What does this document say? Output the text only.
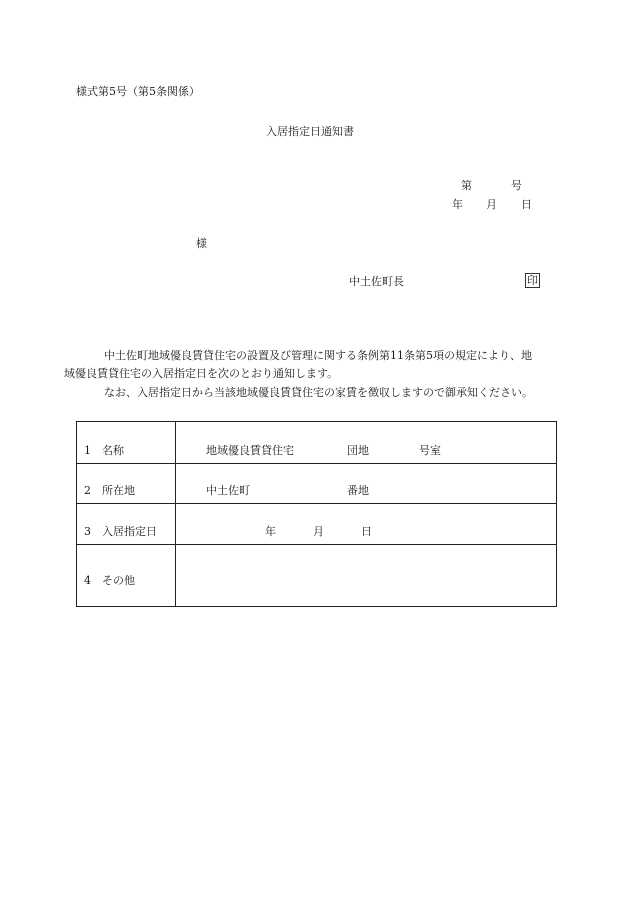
様式第5号（第5条関係）
入居指定日通知書
第	号
年 月 日
様
中土佐町長	印
中土佐町地域優良賃貸住宅の設置及び管理に関する条例第11条第5項の規定により、地
域優良賃貸住宅の入居指定日を次のとおり通知します。
なお、入居指定日から当該地域優良賃貸住宅の家賃を徴収しますので御承知ください。
1　名称	地域優良賃貸住宅 団地 号室

2　所在地	中土佐町 番地

3　入居指定日	年 月 日

4　その他	
